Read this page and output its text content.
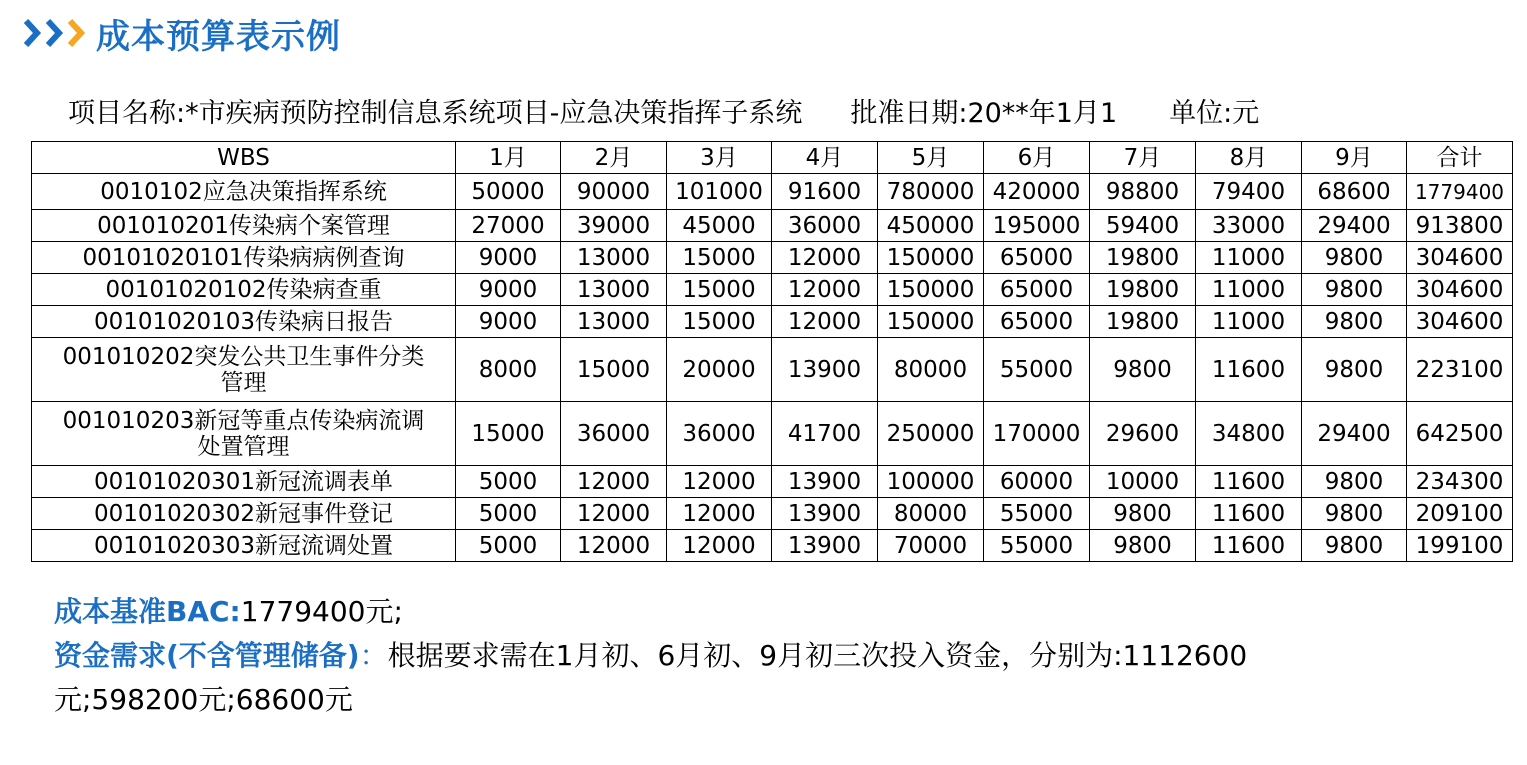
成本预算表示例
项目名称:*市疾病预防控制信息系统项目-应急决策指挥子系统 批准日期:20**年1月1 单位:元
WBS	1月	2月	3月	4月	5月	6月	7月	8月	9月	合计
0010102应急决策指挥系统	50000	90000	101000	91600	780000	420000	98800	79400	68600	1779400
001010201传染病个案管理	27000	39000	45000	36000	450000	195000	59400	33000	29400	913800
00101020101传染病病例查询	9000	13000	15000	12000	150000	65000	19800	11000	9800	304600
00101020102传染病查重	9000	13000	15000	12000	150000	65000	19800	11000	9800	304600
00101020103传染病日报告	9000	13000	15000	12000	150000	65000	19800	11000	9800	304600

001010202突发公共卫生事件分类
管理	8000	15000	20000	13900	80000	55000	9800	11600	9800	223100

001010203新冠等重点传染病流调
处置管理	15000	36000	36000	41700	250000	170000	29600	34800	29400	642500
00101020301新冠流调表单	5000	12000	12000	13900	100000	60000	10000	11600	9800	234300
00101020302新冠事件登记	5000	12000	12000	13900	80000	55000	9800	11600	9800	209100
00101020303新冠流调处置	5000	12000	12000	13900	70000	55000	9800	11600	9800	199100
成本基准BAC:1779400元;
资金需求(不含管理储备)：根据要求需在1月初、6月初、9月初三次投入资金，分别为:1112600
元;598200元;68600元
